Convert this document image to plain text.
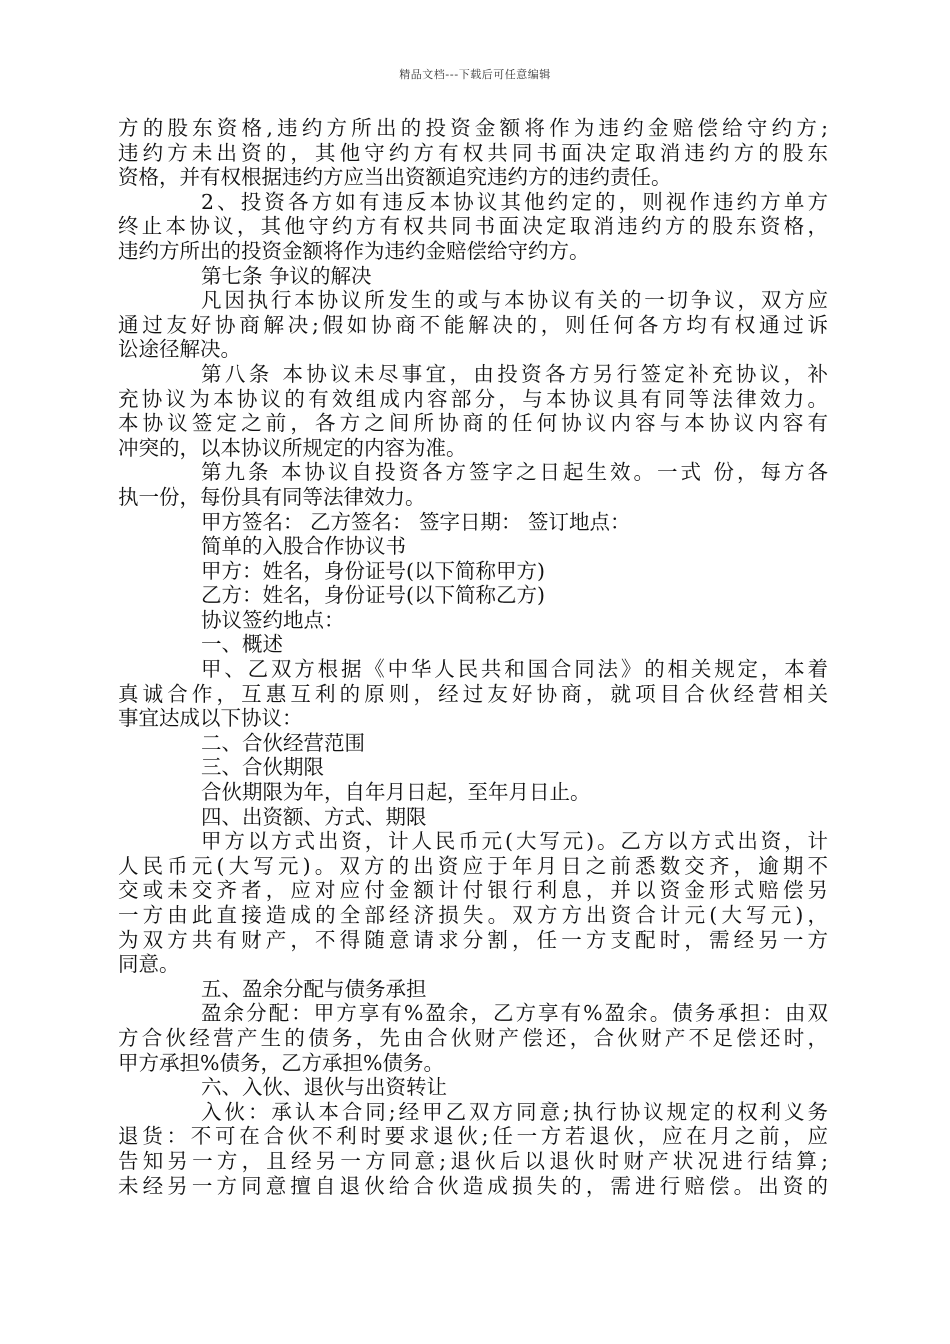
精品文档---下载后可任意编辑
方的股东资格,违约方所出的投资金额将作为违约金赔偿给守约方;
违约方未出资的，其他守约方有权共同书面决定取消违约方的股东
资格，并有权根据违约方应当出资额追究违约方的违约责任。
2、投资各方如有违反本协议其他约定的，则视作违约方单方
终止本协议，其他守约方有权共同书面决定取消违约方的股东资格，
违约方所出的投资金额将作为违约金赔偿给守约方。
第七条 争议的解决
凡因执行本协议所发生的或与本协议有关的一切争议，双方应
通过友好协商解决;假如协商不能解决的，则任何各方均有权通过诉
讼途径解决。
第八条 本协议未尽事宜，由投资各方另行签定补充协议，补
充协议为本协议的有效组成内容部分，与本协议具有同等法律效力。
本协议签定之前，各方之间所协商的任何协议内容与本协议内容有
冲突的，以本协议所规定的内容为准。
第九条 本协议自投资各方签字之日起生效。一式 份，每方各
执一份，每份具有同等法律效力。
甲方签名： 乙方签名： 签字日期： 签订地点：
简单的入股合作协议书
甲方：姓名，身份证号(以下简称甲方)
乙方：姓名，身份证号(以下简称乙方)
协议签约地点：
一、概述
甲、乙双方根据《中华人民共和国合同法》的相关规定，本着
真诚合作，互惠互利的原则，经过友好协商，就项目合伙经营相关
事宜达成以下协议：
二、合伙经营范围
三、合伙期限
合伙期限为年，自年月日起，至年月日止。
四、出资额、方式、期限
甲方以方式出资，计人民币元(大写元)。乙方以方式出资，计
人民币元(大写元)。双方的出资应于年月日之前悉数交齐，逾期不
交或未交齐者，应对应付金额计付银行利息，并以资金形式赔偿另
一方由此直接造成的全部经济损失。双方方出资合计元(大写元)，
为双方共有财产，不得随意请求分割，任一方支配时，需经另一方
同意。
五、盈余分配与债务承担
盈余分配：甲方享有%盈余，乙方享有%盈余。债务承担：由双
方合伙经营产生的债务，先由合伙财产偿还，合伙财产不足偿还时，
甲方承担%债务，乙方承担%债务。
六、入伙、退伙与出资转让
入伙：承认本合同;经甲乙双方同意;执行协议规定的权利义务
退货：不可在合伙不利时要求退伙;任一方若退伙，应在月之前，应
告知另一方，且经另一方同意;退伙后以退伙时财产状况进行结算;
未经另一方同意擅自退伙给合伙造成损失的，需进行赔偿。出资的
